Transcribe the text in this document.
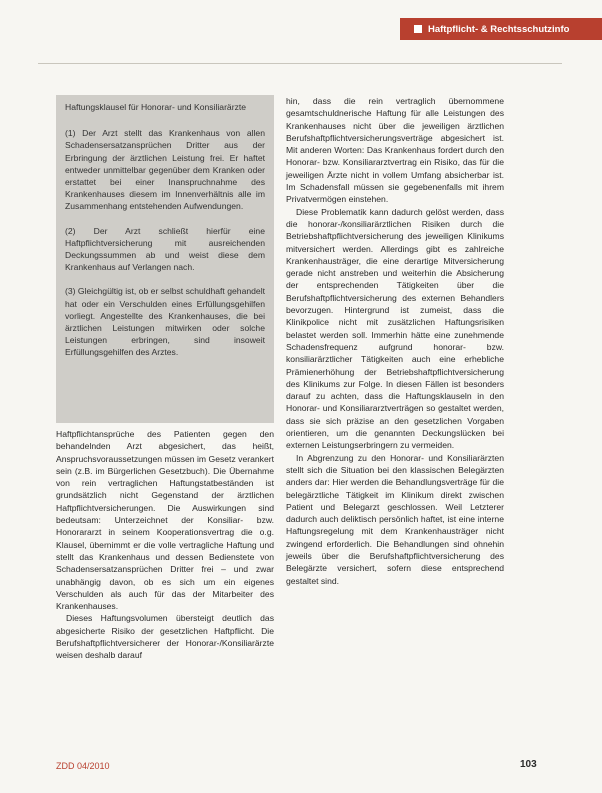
Haftpflicht- & Rechtsschutzinfo
Haftungsklausel für Honorar- und Konsiliarärzte

(1) Der Arzt stellt das Krankenhaus von allen Schadensersatzansprüchen Dritter aus der Erbringung der ärztlichen Leistung frei. Er haftet entweder unmittelbar gegenüber dem Kranken oder erstattet bei einer Inanspruchnahme des Krankenhauses diesem im Innenverhältnis alle im Zusammenhang entstehenden Aufwendungen.

(2) Der Arzt schließt hierfür eine Haftpflichtversicherung mit ausreichenden Deckungssummen ab und weist diese dem Krankenhaus auf Verlangen nach.

(3) Gleichgültig ist, ob er selbst schuldhaft gehandelt hat oder ein Verschulden eines Erfüllungsgehilfen vorliegt. Angestellte des Krankenhauses, die bei ärztlichen Leistungen mitwirken oder solche Leistungen erbringen, sind insoweit Erfüllungsgehilfen des Arztes.

Haftpflichtansprüche des Patienten gegen den behandelnden Arzt abgesichert, das heißt, Anspruchsvoraussetzungen müssen im Gesetz verankert sein (z.B. im Bürgerlichen Gesetzbuch). Die Übernahme von rein vertraglichen Haftungstatbeständen ist grundsätzlich nicht Gegenstand der ärztlichen Haftpflichtversicherungen. Die Auswirkungen sind bedeutsam: Unterzeichnet der Konsiliar- bzw. Honorararzt in seinem Kooperationsvertrag die o.g. Klausel, übernimmt er die volle vertragliche Haftung und stellt das Krankenhaus und dessen Bedienstete von Schadensersatzansprüchen Dritter frei – und zwar unabhängig davon, ob es sich um ein eigenes Verschulden als auch für das der Mitarbeiter des Krankenhauses.

Dieses Haftungsvolumen übersteigt deutlich das abgesicherte Risiko der gesetzlichen Haftpflicht. Die Berufshaftpflichtversicherer der Honorar-/Konsiliarärzte weisen deshalb darauf

hin, dass die rein vertraglich übernommene gesamtschuldnerische Haftung für alle Leistungen des Krankenhauses nicht über die jeweiligen ärztlichen Berufshaftpflichtversicherungsverträge abgesichert ist. Mit anderen Worten: Das Krankenhaus fordert durch den Honorar- bzw. Konsiliararztvertrag ein Risiko, das für die jeweiligen Ärzte nicht in vollem Umfang absicherbar ist. Im Schadensfall müssen sie gegebenenfalls mit ihrem Privatvermögen einstehen.

Diese Problematik kann dadurch gelöst werden, dass die honorar-/konsiliarärztlichen Risiken durch die Betriebshaftpflichtversicherung des jeweiligen Klinikums mitversichert werden. Allerdings gibt es zahlreiche Krankenhausträger, die eine derartige Mitversicherung gerade nicht anstreben und weiterhin die Absicherung der entsprechenden Tätigkeiten über die Berufshaftpflichtversicherung des externen Behandlers bevorzugen. Hintergrund ist zumeist, dass die Klinikpolice nicht mit zusätzlichen Haftungsrisiken belastet werden soll. Immerhin hätte eine zunehmende Schadensfrequenz aufgrund honorar- bzw. konsiliarärztlicher Tätigkeiten auch eine erhebliche Prämienerhöhung der Betriebshaftpflichtversicherung des Klinikums zur Folge. In diesen Fällen ist besonders darauf zu achten, dass die Haftungsklauseln in den Honorar- und Konsiliararztverträgen so gestaltet werden, dass sie sich präzise an den gesetzlichen Vorgaben orientieren, um die genannten Deckungslücken bei externen Leistungserbringern zu vermeiden.

In Abgrenzung zu den Honorar- und Konsiliarärzten stellt sich die Situation bei den klassischen Belegärzten anders dar: Hier werden die Behandlungsverträge für die belegärztliche Tätigkeit im Klinikum direkt zwischen Patient und Belegarzt geschlossen. Weil Letzterer dadurch auch deliktisch persönlich haftet, ist eine interne Haftungsregelung mit dem Krankenhausträger nicht zwingend erforderlich. Die Behandlungen sind ohnehin jeweils über die Berufshaftpflichtversicherung des Belegärzte versichert, sofern diese entsprechend gestaltet sind.

ZDD 04/2010	103
